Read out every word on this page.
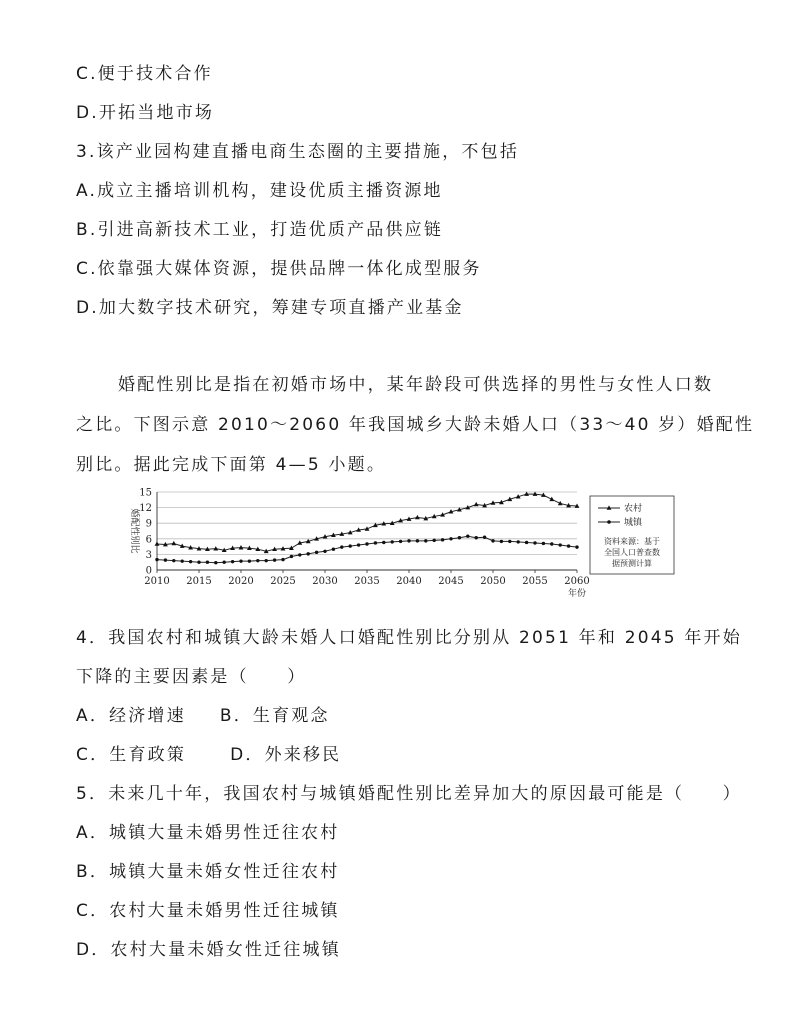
C.便于技术合作
D.开拓当地市场
3.该产业园构建直播电商生态圈的主要措施，不包括
A.成立主播培训机构，建设优质主播资源地
B.引进高新技术工业，打造优质产品供应链
C.依靠强大媒体资源，提供品牌一体化成型服务
D.加大数字技术研究，筹建专项直播产业基金
婚配性别比是指在初婚市场中，某年龄段可供选择的男性与女性人口数
之比。下图示意 2010～2060 年我国城乡大龄未婚人口（33～40 岁）婚配性
别比。据此完成下面第 4—5 小题。
0
3
6
9
12
15
2010 2015 2020 2025 2030 2035 2040 2045 2050 2055 2060
婚配性别比
年份
农村
城镇
资料来源：基于
全国人口普查数
据预测计算
4．我国农村和城镇大龄未婚人口婚配性别比分别从 2051 年和 2045 年开始
下降的主要因素是（　　）
A．经济增速 B．生育观念
C．生育政策	D．外来移民
5．未来几十年，我国农村与城镇婚配性别比差异加大的原因最可能是（　　）
A．城镇大量未婚男性迁往农村
B．城镇大量未婚女性迁往农村
C．农村大量未婚男性迁往城镇
D．农村大量未婚女性迁往城镇
